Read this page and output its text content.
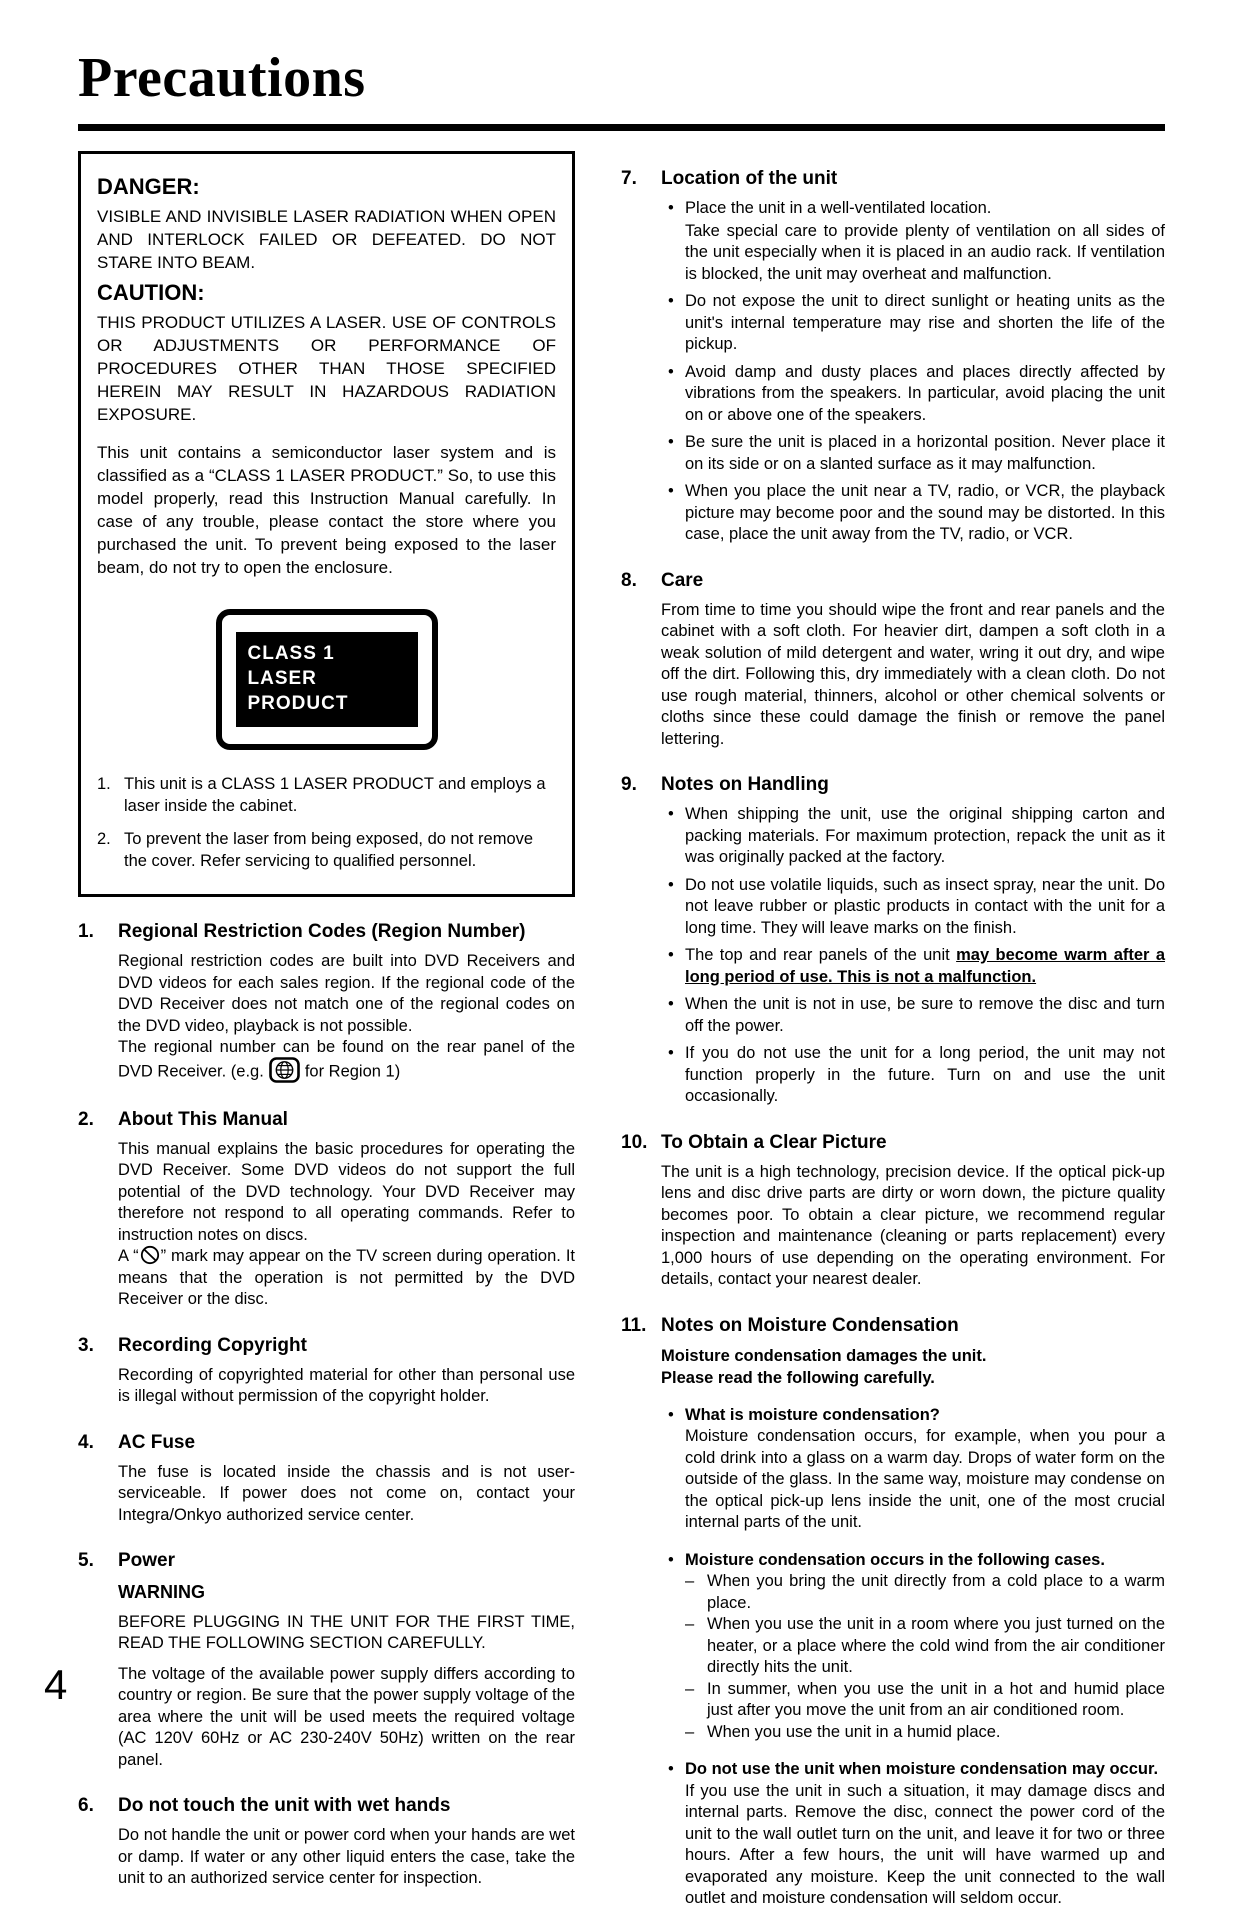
Precautions
DANGER:

VISIBLE AND INVISIBLE LASER RADIATION WHEN OPEN AND INTERLOCK FAILED OR DEFEATED. DO NOT STARE INTO BEAM.

CAUTION:

THIS PRODUCT UTILIZES A LASER. USE OF CONTROLS OR ADJUSTMENTS OR PERFORMANCE OF PROCEDURES OTHER THAN THOSE SPECIFIED HEREIN MAY RESULT IN HAZARDOUS RADIATION EXPOSURE.

This unit contains a semiconductor laser system and is classified as a “CLASS 1 LASER PRODUCT.” So, to use this model properly, read this Instruction Manual carefully. In case of any trouble, please contact the store where you purchased the unit. To prevent being exposed to the laser beam, do not try to open the enclosure.

CLASS 1 LASER
PRODUCT
1. This unit is a CLASS 1 LASER PRODUCT and employs a laser inside the cabinet.
2. To prevent the laser from being exposed, do not remove the cover. Refer servicing to qualified personnel.
1.	Regional Restriction Codes (Region Number)

Regional restriction codes are built into DVD Receivers and DVD videos for each sales region. If the regional code of the DVD Receiver does not match one of the regional codes on the DVD video, playback is not possible.

The regional number can be found on the rear panel of the DVD Receiver. (e.g. for Region 1)

2.	About This Manual

This manual explains the basic procedures for operating the DVD Receiver. Some DVD videos do not support the full potential of the DVD technology. Your DVD Receiver may therefore not respond to all operating commands. Refer to instruction notes on discs.

A “ ” mark may appear on the TV screen during operation. It means that the operation is not permitted by the DVD Receiver or the disc.

3.	Recording Copyright

Recording of copyrighted material for other than personal use is illegal without permission of the copyright holder.

4.	AC Fuse

The fuse is located inside the chassis and is not user-serviceable. If power does not come on, contact your Integra/Onkyo authorized service center.

5.	Power
WARNING

BEFORE PLUGGING IN THE UNIT FOR THE FIRST TIME, READ THE FOLLOWING SECTION CAREFULLY.

The voltage of the available power supply differs according to country or region. Be sure that the power supply voltage of the area where the unit will be used meets the required voltage (AC 120V 60Hz or AC 230-240V 50Hz) written on the rear panel.

6.	Do not touch the unit with wet hands

Do not handle the unit or power cord when your hands are wet or damp. If water or any other liquid enters the case, take the unit to an authorized service center for inspection.

7.	Location of the unit
• Place the unit in a well-ventilated location.
Take special care to provide plenty of ventilation on all sides of the unit especially when it is placed in an audio rack. If ventilation is blocked, the unit may overheat and malfunction.
• Do not expose the unit to direct sunlight or heating units as the unit's internal temperature may rise and shorten the life of the pickup.
• Avoid damp and dusty places and places directly affected by vibrations from the speakers. In particular, avoid placing the unit on or above one of the speakers.
• Be sure the unit is placed in a horizontal position. Never place it on its side or on a slanted surface as it may malfunction.
• When you place the unit near a TV, radio, or VCR, the playback picture may become poor and the sound may be distorted. In this case, place the unit away from the TV, radio, or VCR.
8.	Care

From time to time you should wipe the front and rear panels and the cabinet with a soft cloth. For heavier dirt, dampen a soft cloth in a weak solution of mild detergent and water, wring it out dry, and wipe off the dirt. Following this, dry immediately with a clean cloth. Do not use rough material, thinners, alcohol or other chemical solvents or cloths since these could damage the finish or remove the panel lettering.

9.	Notes on Handling
• When shipping the unit, use the original shipping carton and packing materials. For maximum protection, repack the unit as it was originally packed at the factory.
• Do not use volatile liquids, such as insect spray, near the unit. Do not leave rubber or plastic products in contact with the unit for a long time. They will leave marks on the finish.
• The top and rear panels of the unit may become warm after a long period of use. This is not a malfunction.
• When the unit is not in use, be sure to remove the disc and turn off the power.
• If you do not use the unit for a long period, the unit may not function properly in the future. Turn on and use the unit occasionally.
10. To Obtain a Clear Picture

The unit is a high technology, precision device. If the optical pick-up lens and disc drive parts are dirty or worn down, the picture quality becomes poor. To obtain a clear picture, we recommend regular inspection and maintenance (cleaning or parts replacement) every 1,000 hours of use depending on the operating environment. For details, contact your nearest dealer.

11. Notes on Moisture Condensation
Moisture condensation damages the unit.
Please read the following carefully.
• What is moisture condensation?
Moisture condensation occurs, for example, when you pour a cold drink into a glass on a warm day. Drops of water form on the outside of the glass. In the same way, moisture may condense on the optical pick-up lens inside the unit, one of the most crucial internal parts of the unit.
• Moisture condensation occurs in the following cases.
– When you bring the unit directly from a cold place to a warm place.
– When you use the unit in a room where you just turned on the heater, or a place where the cold wind from the air conditioner directly hits the unit.
– In summer, when you use the unit in a hot and humid place just after you move the unit from an air conditioned room.
– When you use the unit in a humid place.
• Do not use the unit when moisture condensation may occur.
If you use the unit in such a situation, it may damage discs and internal parts. Remove the disc, connect the power cord of the unit to the wall outlet turn on the unit, and leave it for two or three hours. After a few hours, the unit will have warmed up and evaporated any moisture. Keep the unit connected to the wall outlet and moisture condensation will seldom occur.
4
